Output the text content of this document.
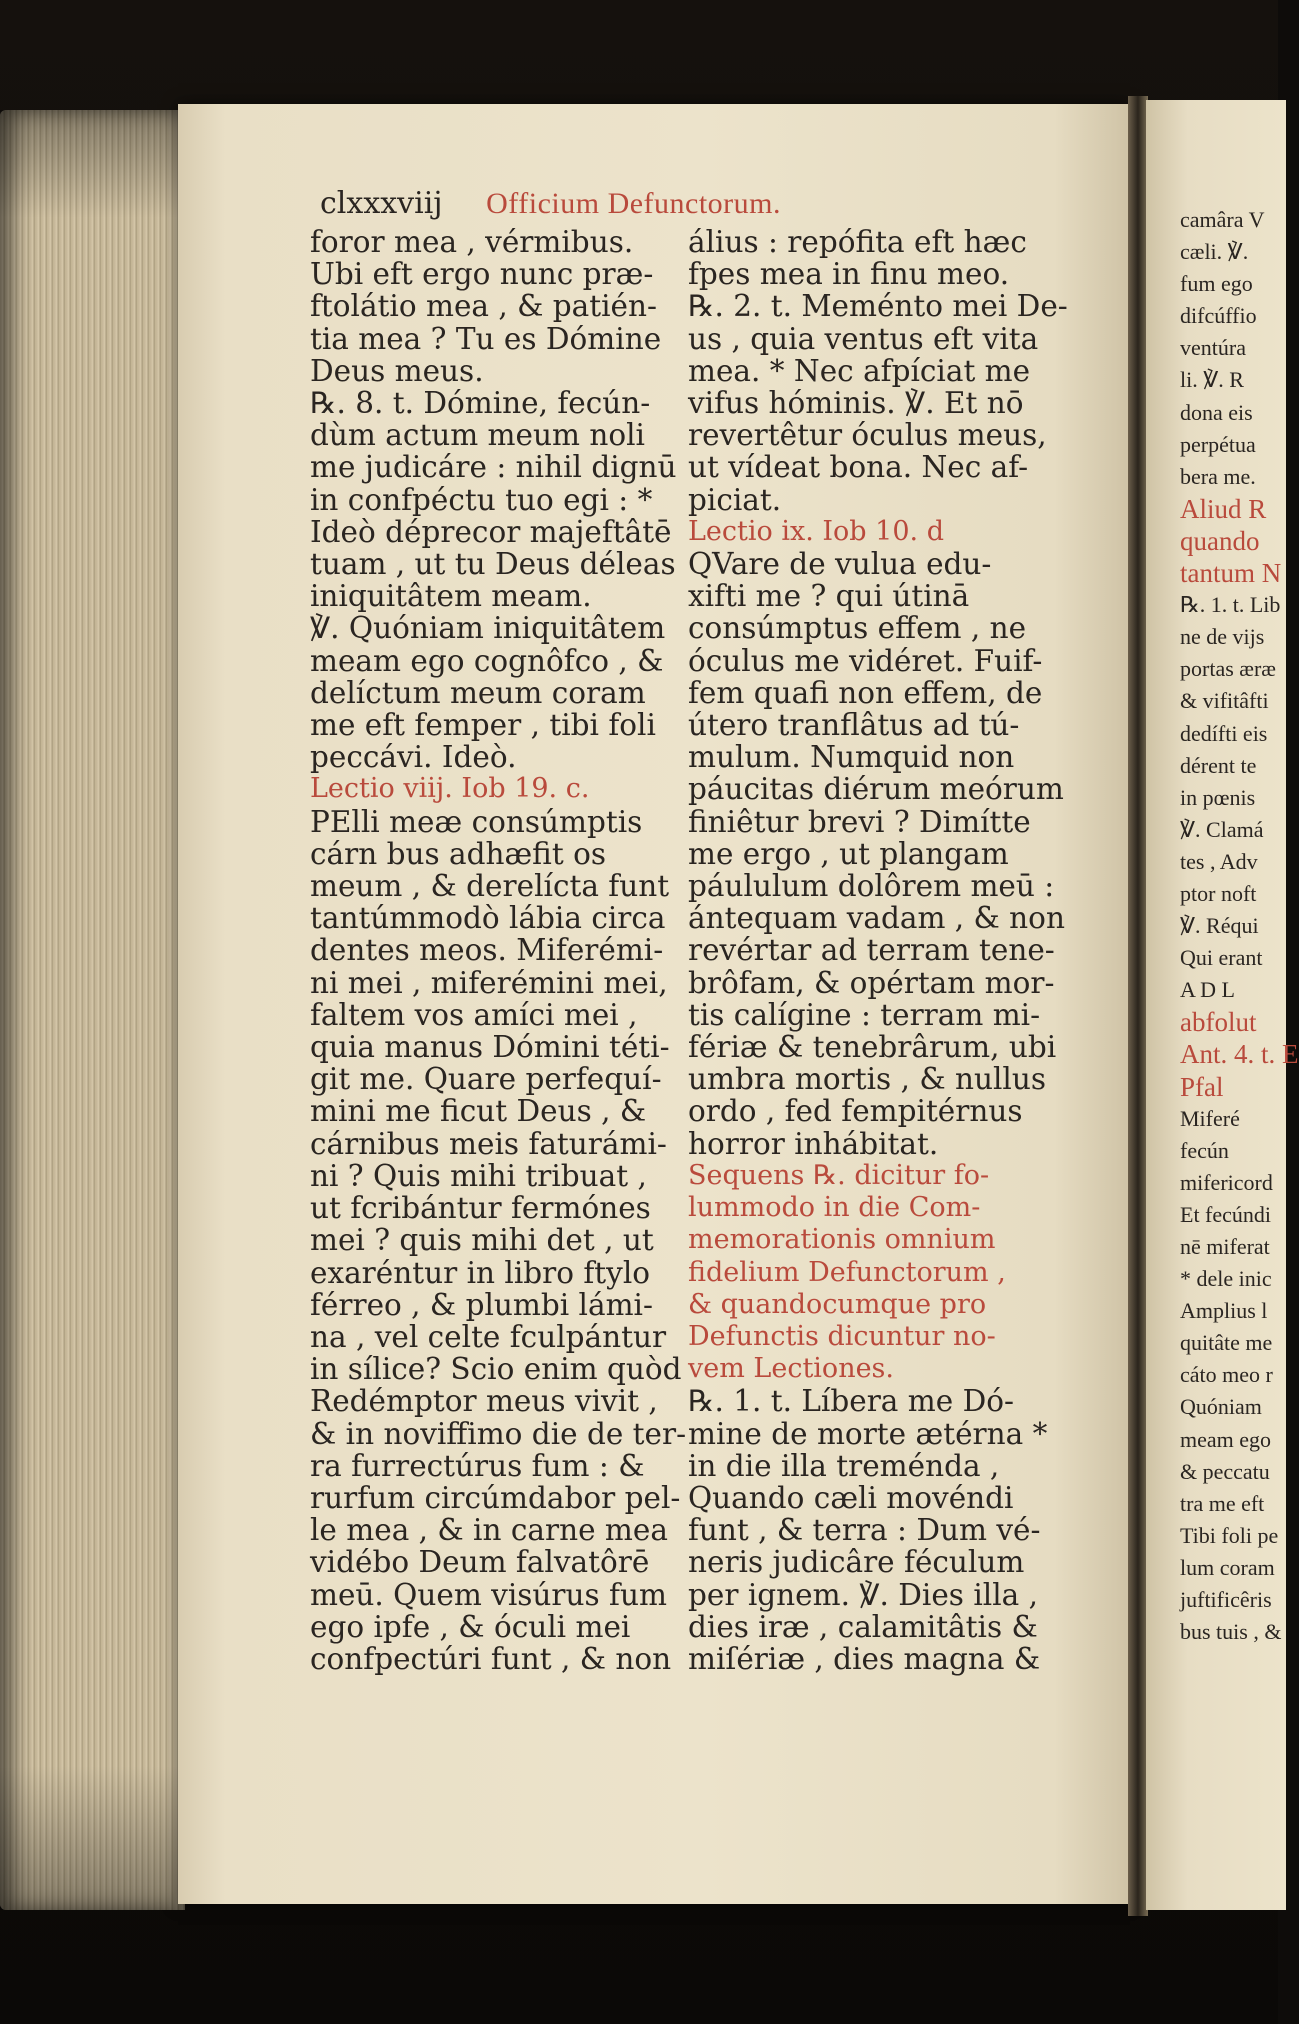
clxxxviij Officium Defunctorum.
foror mea , vérmibus.
Ubi eft ergo nunc præ-
ftolátio mea , & patién-
tia mea ? Tu es Dómine
Deus meus.
℞. 8. t. Dómine, fecún-
dùm actum meum noli
me judicáre : nihil dignū
in confpéctu tuo egi : *
Ideò déprecor majeftâtē
tuam , ut tu Deus déleas
iniquitâtem meam.
℣. Quóniam iniquitâtem
meam ego cognôfco , &
delíctum meum coram
me eft femper , tibi foli
peccávi. Ideò.
Lectio viij. Iob 19. c.
PElli meæ consúmptis
cárn bus adhæfit os
meum , & derelícta funt
tantúmmodò lábia circa
dentes meos. Miferémi-
ni mei , miferémini mei,
faltem vos amíci mei ,
quia manus Dómini téti-
git me. Quare perfequí-
mini me ficut Deus , &
cárnibus meis faturámi-
ni ? Quis mihi tribuat ,
ut fcribántur fermónes
mei ? quis mihi det , ut
exaréntur in libro ftylo
férreo , & plumbi lámi-
na , vel celte fculpántur
in sílice? Scio enim quòd
Redémptor meus vivit ,
& in noviffimo die de ter-
ra furrectúrus fum : &
rurfum circúmdabor pel-
le mea , & in carne mea
vidébo Deum falvatôrē
meū. Quem visúrus fum
ego ipfe , & óculi mei
confpectúri funt , & non
álius : repófita eft hæc
fpes mea in finu meo.
℞. 2. t. Meménto mei De-
us , quia ventus eft vita
mea. * Nec afpíciat me
vifus hóminis. ℣. Et nō
revertêtur óculus meus,
ut vídeat bona. Nec af-
piciat.
Lectio ix. Iob 10. d
QVare de vulua edu-
xifti me ? qui útinā
consúmptus effem , ne
óculus me vidéret. Fuif-
fem quafi non effem, de
útero tranflâtus ad tú-
mulum. Numquid non
páucitas diérum meórum
finiêtur brevi ? Dimítte
me ergo , ut plangam
páululum dolôrem meū :
ántequam vadam , & non
revértar ad terram tene-
brôfam, & opértam mor-
tis calígine : terram mi-
fériæ & tenebrârum, ubi
umbra mortis , & nullus
ordo , fed fempitérnus
horror inhábitat.
Sequens ℞. dicitur fo-
lummodo in die Com-
memorationis omnium
fidelium Defunctorum ,
& quandocumque pro
Defunctis dicuntur no-
vem Lectiones.
℞. 1. t. Líbera me Dó-
mine de morte ætérna *
in die illa treménda ,
Quando cæli movéndi
funt , & terra : Dum vé-
neris judicâre féculum
per ignem. ℣. Dies illa ,
dies iræ , calamitâtis &
miſériæ , dies magna &
camâra V
cæli. ℣.
fum ego
difcúffio
ventúra
li. ℣. R
dona eis
perpétua
bera me.
Aliud R
quando
tantum N
℞. 1. t. Lib
ne de vijs
portas æræ
& vifitâfti
dedífti eis
dérent te
in pœnis
℣. Clamá
tes , Adv
ptor noft
℣. Réqui
Qui erant
A D L
abfolut
Ant. 4. t. E
Pfal
Miferé
fecún
mifericord
Et fecúndi
nē miferat
* dele inic
Amplius l
quitâte me
cáto meo r
Quóniam
meam ego
& peccatu
tra me eft
Tibi foli pe
lum coram
juftificêris
bus tuis , &
